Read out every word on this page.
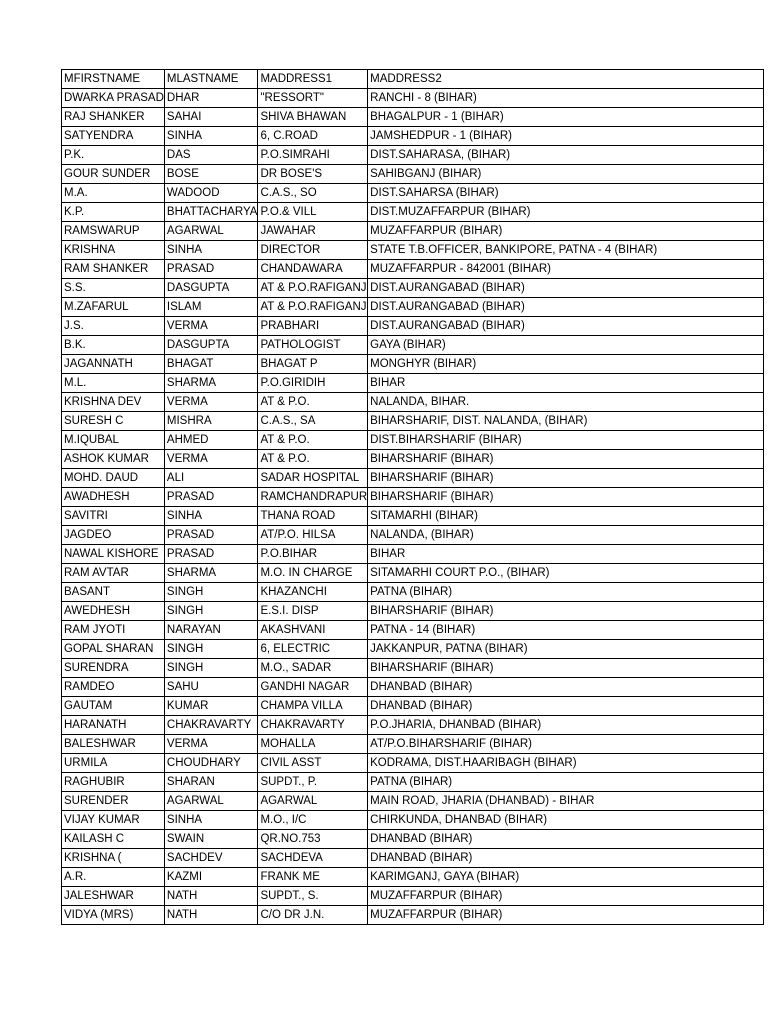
MFIRSTNAME	MLASTNAME	MADDRESS1	MADDRESS2
DWARKA PRASAD	DHAR	"RESSORT"	RANCHI - 8 (BIHAR)
RAJ SHANKER	SAHAI	SHIVA BHAWAN	BHAGALPUR - 1 (BIHAR)
SATYENDRA	SINHA	6, C.ROAD	JAMSHEDPUR - 1 (BIHAR)
P.K.	DAS	P.O.SIMRAHI	DIST.SAHARASA, (BIHAR)
GOUR SUNDER	BOSE	DR BOSE'S	SAHIBGANJ (BIHAR)
M.A.	WADOOD	C.A.S., SO	DIST.SAHARSA (BIHAR)
K.P.	BHATTACHARYA	P.O.& VILL	DIST.MUZAFFARPUR (BIHAR)
RAMSWARUP	AGARWAL	JAWAHAR	MUZAFFARPUR (BIHAR)
KRISHNA	SINHA	DIRECTOR	STATE T.B.OFFICER, BANKIPORE, PATNA - 4 (BIHAR)
RAM SHANKER	PRASAD	CHANDAWARA	MUZAFFARPUR - 842001 (BIHAR)
S.S.	DASGUPTA	AT & P.O.RAFIGANJ	DIST.AURANGABAD (BIHAR)
M.ZAFARUL	ISLAM	AT & P.O.RAFIGANJ	DIST.AURANGABAD (BIHAR)
J.S.	VERMA	PRABHARI	DIST.AURANGABAD (BIHAR)
B.K.	DASGUPTA	PATHOLOGIST	GAYA (BIHAR)
JAGANNATH	BHAGAT	BHAGAT P	MONGHYR (BIHAR)
M.L.	SHARMA	P.O.GIRIDIH	BIHAR
KRISHNA DEV	VERMA	AT & P.O.	NALANDA, BIHAR.
SURESH C	MISHRA	C.A.S., SA	BIHARSHARIF, DIST. NALANDA, (BIHAR)
M.IQUBAL	AHMED	AT & P.O.	DIST.BIHARSHARIF (BIHAR)
ASHOK KUMAR	VERMA	AT & P.O.	BIHARSHARIF (BIHAR)
MOHD. DAUD	ALI	SADAR HOSPITAL	BIHARSHARIF (BIHAR)
AWADHESH	PRASAD	RAMCHANDRAPUR	BIHARSHARIF (BIHAR)
SAVITRI	SINHA	THANA ROAD	SITAMARHI (BIHAR)
JAGDEO	PRASAD	AT/P.O. HILSA	NALANDA, (BIHAR)
NAWAL KISHORE	PRASAD	P.O.BIHAR	BIHAR
RAM AVTAR	SHARMA	M.O. IN CHARGE	SITAMARHI COURT P.O., (BIHAR)
BASANT	SINGH	KHAZANCHI	PATNA (BIHAR)
AWEDHESH	SINGH	E.S.I. DISP	BIHARSHARIF (BIHAR)
RAM JYOTI	NARAYAN	AKASHVANI	PATNA - 14 (BIHAR)
GOPAL SHARAN	SINGH	6, ELECTRIC	JAKKANPUR, PATNA (BIHAR)
SURENDRA	SINGH	M.O., SADAR	BIHARSHARIF (BIHAR)
RAMDEO	SAHU	GANDHI NAGAR	DHANBAD (BIHAR)
GAUTAM	KUMAR	CHAMPA VILLA	DHANBAD (BIHAR)
HARANATH	CHAKRAVARTY	CHAKRAVARTY	P.O.JHARIA, DHANBAD (BIHAR)
BALESHWAR	VERMA	MOHALLA	AT/P.O.BIHARSHARIF (BIHAR)
URMILA	CHOUDHARY	CIVIL ASST	KODRAMA, DIST.HAARIBAGH (BIHAR)
RAGHUBIR	SHARAN	SUPDT., P.	PATNA (BIHAR)
SURENDER	AGARWAL	AGARWAL	MAIN ROAD, JHARIA (DHANBAD) - BIHAR
VIJAY KUMAR	SINHA	M.O., I/C	CHIRKUNDA, DHANBAD (BIHAR)
KAILASH C	SWAIN	QR.NO.753	DHANBAD (BIHAR)
KRISHNA (	SACHDEV	SACHDEVA	DHANBAD (BIHAR)
A.R.	KAZMI	FRANK ME	KARIMGANJ, GAYA (BIHAR)
JALESHWAR	NATH	SUPDT., S.	MUZAFFARPUR (BIHAR)
VIDYA (MRS)	NATH	C/O DR J.N.	MUZAFFARPUR (BIHAR)
